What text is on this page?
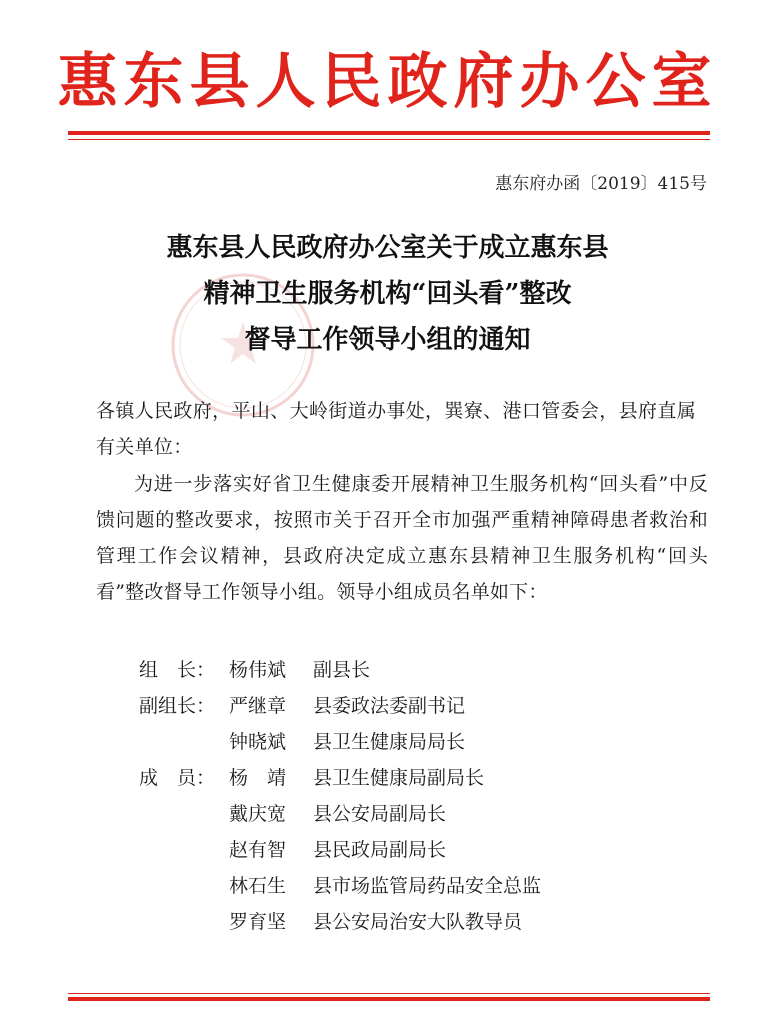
惠东县人民政府办公室
惠东府办函〔2019〕415号
惠东县人民政府办公室关于成立惠东县
精神卫生服务机构“回头看”整改
督导工作领导小组的通知
各镇人民政府，平山、大岭街道办事处，巽寮、港口管委会，县府直属有关单位：
为进一步落实好省卫生健康委开展精神卫生服务机构“回头看”中反馈问题的整改要求，按照市关于召开全市加强严重精神障碍患者救治和管理工作会议精神，县政府决定成立惠东县精神卫生服务机构“回头看”整改督导工作领导小组。领导小组成员名单如下：
组　长： 杨伟斌 副县长
副组长： 严继章 县委政法委副书记
钟晓斌 县卫生健康局局长
成　员： 杨　靖 县卫生健康局副局长
戴庆宽 县公安局副局长
赵有智 县民政局副局长
林石生 县市场监管局药品安全总监
罗育坚 县公安局治安大队教导员
